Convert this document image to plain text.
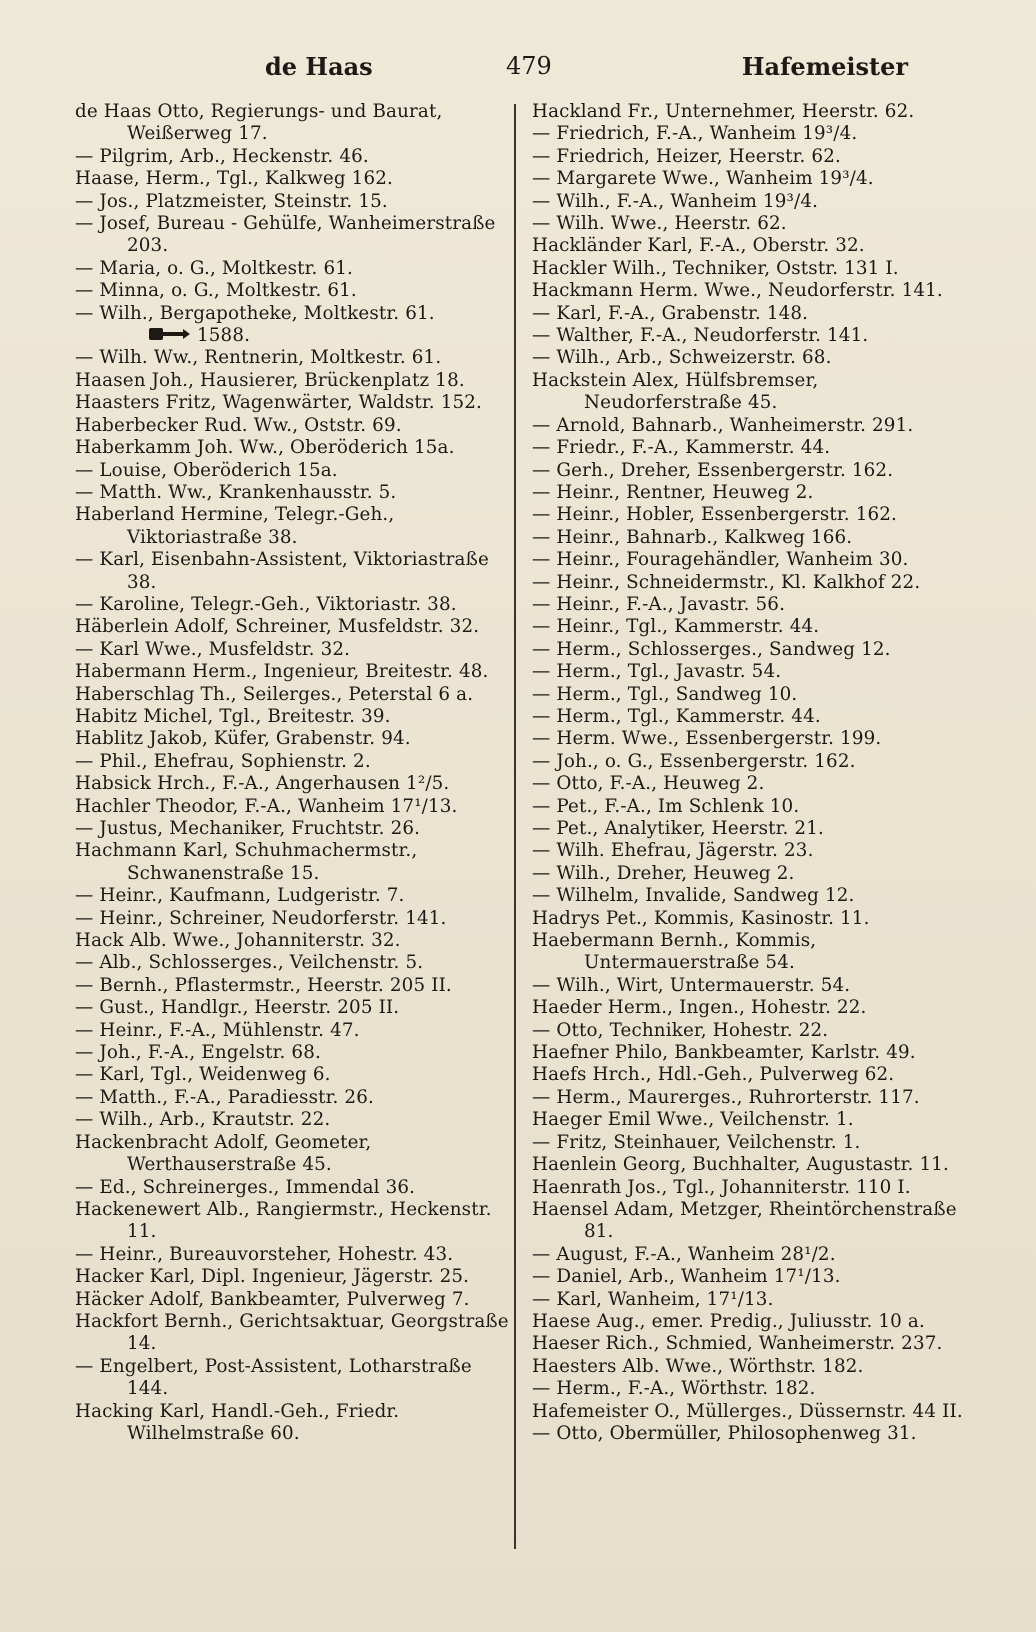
de Haas	479	Hafemeister
de Haas Otto, Regierungs- und Baurat, Weißerweg 17.
— Pilgrim, Arb., Heckenstr. 46.
Haase, Herm., Tgl., Kalkweg 162.
— Jos., Platzmeister, Steinstr. 15.
— Josef, Bureau - Gehülfe, Wanheimerstraße 203.
— Maria, o. G., Moltkestr. 61.
— Minna, o. G., Moltkestr. 61.
— Wilh., Bergapotheke, Moltkestr. 61.
1588.
— Wilh. Ww., Rentnerin, Moltkestr. 61.
Haasen Joh., Hausierer, Brückenplatz 18.
Haasters Fritz, Wagenwärter, Waldstr. 152.
Haberbecker Rud. Ww., Oststr. 69.
Haberkamm Joh. Ww., Oberöderich 15a.
— Louise, Oberöderich 15a.
— Matth. Ww., Krankenhausstr. 5.
Haberland Hermine, Telegr.-Geh., Viktoriastraße 38.
— Karl, Eisenbahn-Assistent, Viktoriastraße 38.
— Karoline, Telegr.-Geh., Viktoriastr. 38.
Häberlein Adolf, Schreiner, Musfeldstr. 32.
— Karl Wwe., Musfeldstr. 32.
Habermann Herm., Ingenieur, Breitestr. 48.
Haberschlag Th., Seilerges., Peterstal 6 a.
Habitz Michel, Tgl., Breitestr. 39.
Hablitz Jakob, Küfer, Grabenstr. 94.
— Phil., Ehefrau, Sophienstr. 2.
Habsick Hrch., F.-A., Angerhausen 1²/5.
Hachler Theodor, F.-A., Wanheim 17¹/13.
— Justus, Mechaniker, Fruchtstr. 26.
Hachmann Karl, Schuhmachermstr., Schwanenstraße 15.
— Heinr., Kaufmann, Ludgeristr. 7.
— Heinr., Schreiner, Neudorferstr. 141.
Hack Alb. Wwe., Johanniterstr. 32.
— Alb., Schlosserges., Veilchenstr. 5.
— Bernh., Pflastermstr., Heerstr. 205 II.
— Gust., Handlgr., Heerstr. 205 II.
— Heinr., F.-A., Mühlenstr. 47.
— Joh., F.-A., Engelstr. 68.
— Karl, Tgl., Weidenweg 6.
— Matth., F.-A., Paradiesstr. 26.
— Wilh., Arb., Krautstr. 22.
Hackenbracht Adolf, Geometer, Werthauserstraße 45.
— Ed., Schreinerges., Immendal 36.
Hackenewert Alb., Rangiermstr., Heckenstr. 11.
— Heinr., Bureauvorsteher, Hohestr. 43.
Hacker Karl, Dipl. Ingenieur, Jägerstr. 25.
Häcker Adolf, Bankbeamter, Pulverweg 7.
Hackfort Bernh., Gerichtsaktuar, Georgstraße 14.
— Engelbert, Post-Assistent, Lotharstraße 144.
Hacking Karl, Handl.-Geh., Friedr. Wilhelmstraße 60.
Hackland Fr., Unternehmer, Heerstr. 62.
— Friedrich, F.-A., Wanheim 19³/4.
— Friedrich, Heizer, Heerstr. 62.
— Margarete Wwe., Wanheim 19³/4.
— Wilh., F.-A., Wanheim 19³/4.
— Wilh. Wwe., Heerstr. 62.
Hackländer Karl, F.-A., Oberstr. 32.
Hackler Wilh., Techniker, Oststr. 131 I.
Hackmann Herm. Wwe., Neudorferstr. 141.
— Karl, F.-A., Grabenstr. 148.
— Walther, F.-A., Neudorferstr. 141.
— Wilh., Arb., Schweizerstr. 68.
Hackstein Alex, Hülfsbremser, Neudorferstraße 45.
— Arnold, Bahnarb., Wanheimerstr. 291.
— Friedr., F.-A., Kammerstr. 44.
— Gerh., Dreher, Essenbergerstr. 162.
— Heinr., Rentner, Heuweg 2.
— Heinr., Hobler, Essenbergerstr. 162.
— Heinr., Bahnarb., Kalkweg 166.
— Heinr., Fouragehändler, Wanheim 30.
— Heinr., Schneidermstr., Kl. Kalkhof 22.
— Heinr., F.-A., Javastr. 56.
— Heinr., Tgl., Kammerstr. 44.
— Herm., Schlosserges., Sandweg 12.
— Herm., Tgl., Javastr. 54.
— Herm., Tgl., Sandweg 10.
— Herm., Tgl., Kammerstr. 44.
— Herm. Wwe., Essenbergerstr. 199.
— Joh., o. G., Essenbergerstr. 162.
— Otto, F.-A., Heuweg 2.
— Pet., F.-A., Im Schlenk 10.
— Pet., Analytiker, Heerstr. 21.
— Wilh. Ehefrau, Jägerstr. 23.
— Wilh., Dreher, Heuweg 2.
— Wilhelm, Invalide, Sandweg 12.
Hadrys Pet., Kommis, Kasinostr. 11.
Haebermann Bernh., Kommis, Untermauerstraße 54.
— Wilh., Wirt, Untermauerstr. 54.
Haeder Herm., Ingen., Hohestr. 22.
— Otto, Techniker, Hohestr. 22.
Haefner Philo, Bankbeamter, Karlstr. 49.
Haefs Hrch., Hdl.-Geh., Pulverweg 62.
— Herm., Maurerges., Ruhrorterstr. 117.
Haeger Emil Wwe., Veilchenstr. 1.
— Fritz, Steinhauer, Veilchenstr. 1.
Haenlein Georg, Buchhalter, Augustastr. 11.
Haenrath Jos., Tgl., Johanniterstr. 110 I.
Haensel Adam, Metzger, Rheintörchenstraße 81.
— August, F.-A., Wanheim 28¹/2.
— Daniel, Arb., Wanheim 17¹/13.
— Karl, Wanheim, 17¹/13.
Haese Aug., emer. Predig., Juliusstr. 10 a.
Haeser Rich., Schmied, Wanheimerstr. 237.
Haesters Alb. Wwe., Wörthstr. 182.
— Herm., F.-A., Wörthstr. 182.
Hafemeister O., Müllerges., Düssernstr. 44 II.
— Otto, Obermüller, Philosophenweg 31.
